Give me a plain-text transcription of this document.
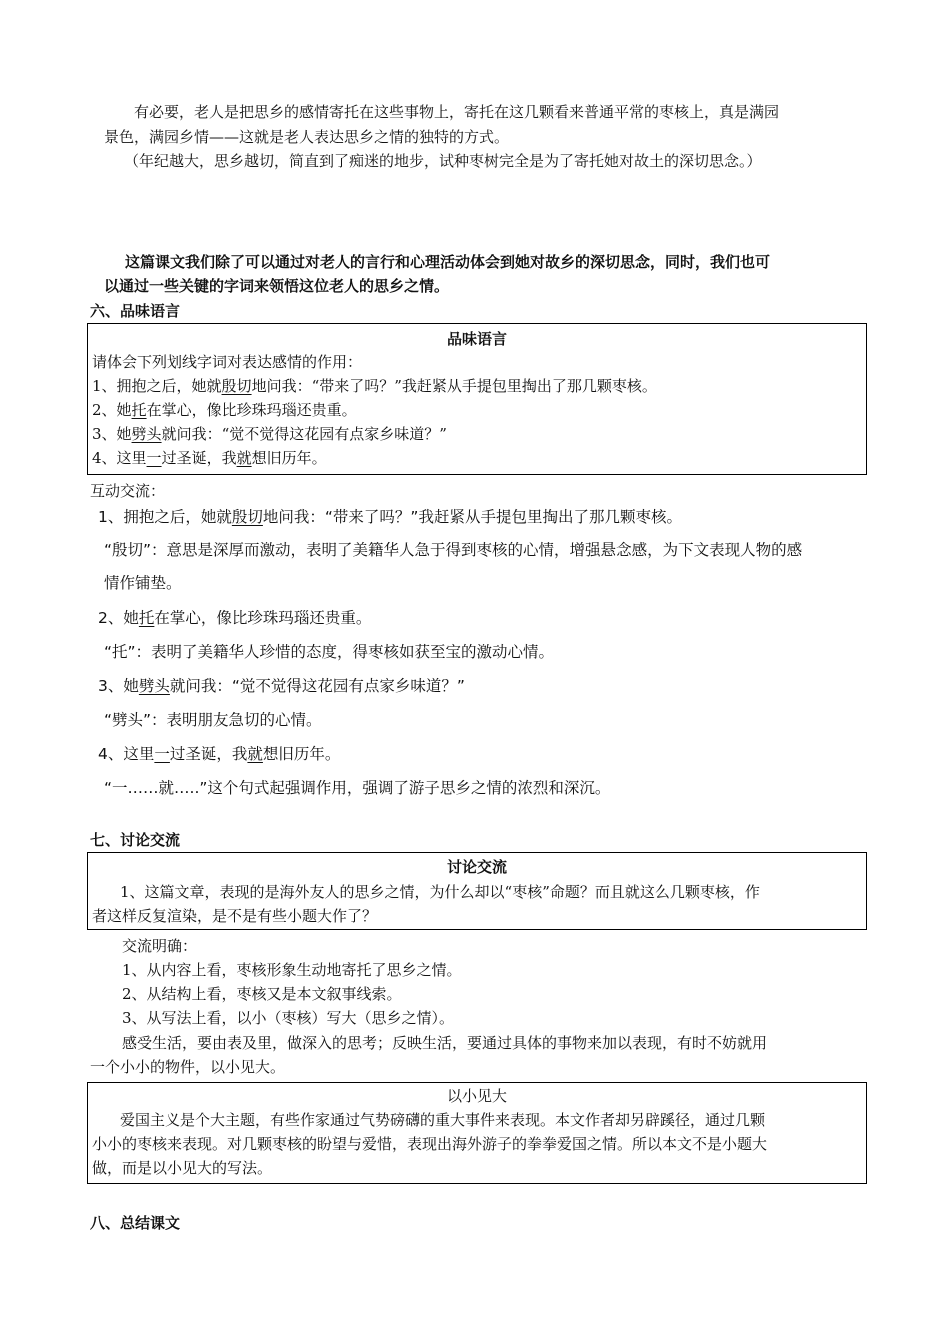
有必要，老人是把思乡的感情寄托在这些事物上，寄托在这几颗看来普通平常的枣核上，真是满园
景色，满园乡情——这就是老人表达思乡之情的独特的方式。
（年纪越大，思乡越切，简直到了痴迷的地步，试种枣树完全是为了寄托她对故土的深切思念。）
这篇课文我们除了可以通过对老人的言行和心理活动体会到她对故乡的深切思念，同时，我们也可
以通过一些关键的字词来领悟这位老人的思乡之情。
六、品味语言
品味语言
请体会下列划线字词对表达感情的作用：
1、拥抱之后，她就殷切地问我：“带来了吗？”我赶紧从手提包里掏出了那几颗枣核。
2、她托在掌心，像比珍珠玛瑙还贵重。
3、她劈头就问我：“觉不觉得这花园有点家乡味道？”
4、这里一过圣诞，我就想旧历年。
互动交流：
1、拥抱之后，她就殷切地问我：“带来了吗？”我赶紧从手提包里掏出了那几颗枣核。
“殷切”：意思是深厚而激动，表明了美籍华人急于得到枣核的心情，增强悬念感，为下文表现人物的感
情作铺垫。
2、她托在掌心，像比珍珠玛瑙还贵重。
“托”：表明了美籍华人珍惜的态度，得枣核如获至宝的激动心情。
3、她劈头就问我：“觉不觉得这花园有点家乡味道？”
“劈头”：表明朋友急切的心情。
4、这里一过圣诞，我就想旧历年。
“一……就…..”这个句式起强调作用，强调了游子思乡之情的浓烈和深沉。
七、讨论交流
讨论交流
1、这篇文章，表现的是海外友人的思乡之情，为什么却以“枣核”命题？而且就这么几颗枣核，作
者这样反复渲染，是不是有些小题大作了？
交流明确：
1、从内容上看，枣核形象生动地寄托了思乡之情。
2、从结构上看，枣核又是本文叙事线索。
3、从写法上看，以小（枣核）写大（思乡之情）。
感受生活，要由表及里，做深入的思考；反映生活，要通过具体的事物来加以表现，有时不妨就用
一个小小的物件，以小见大。
以小见大
爱国主义是个大主题，有些作家通过气势磅礴的重大事件来表现。本文作者却另辟蹊径，通过几颗
小小的枣核来表现。对几颗枣核的盼望与爱惜，表现出海外游子的拳拳爱国之情。所以本文不是小题大
做，而是以小见大的写法。
八、总结课文
